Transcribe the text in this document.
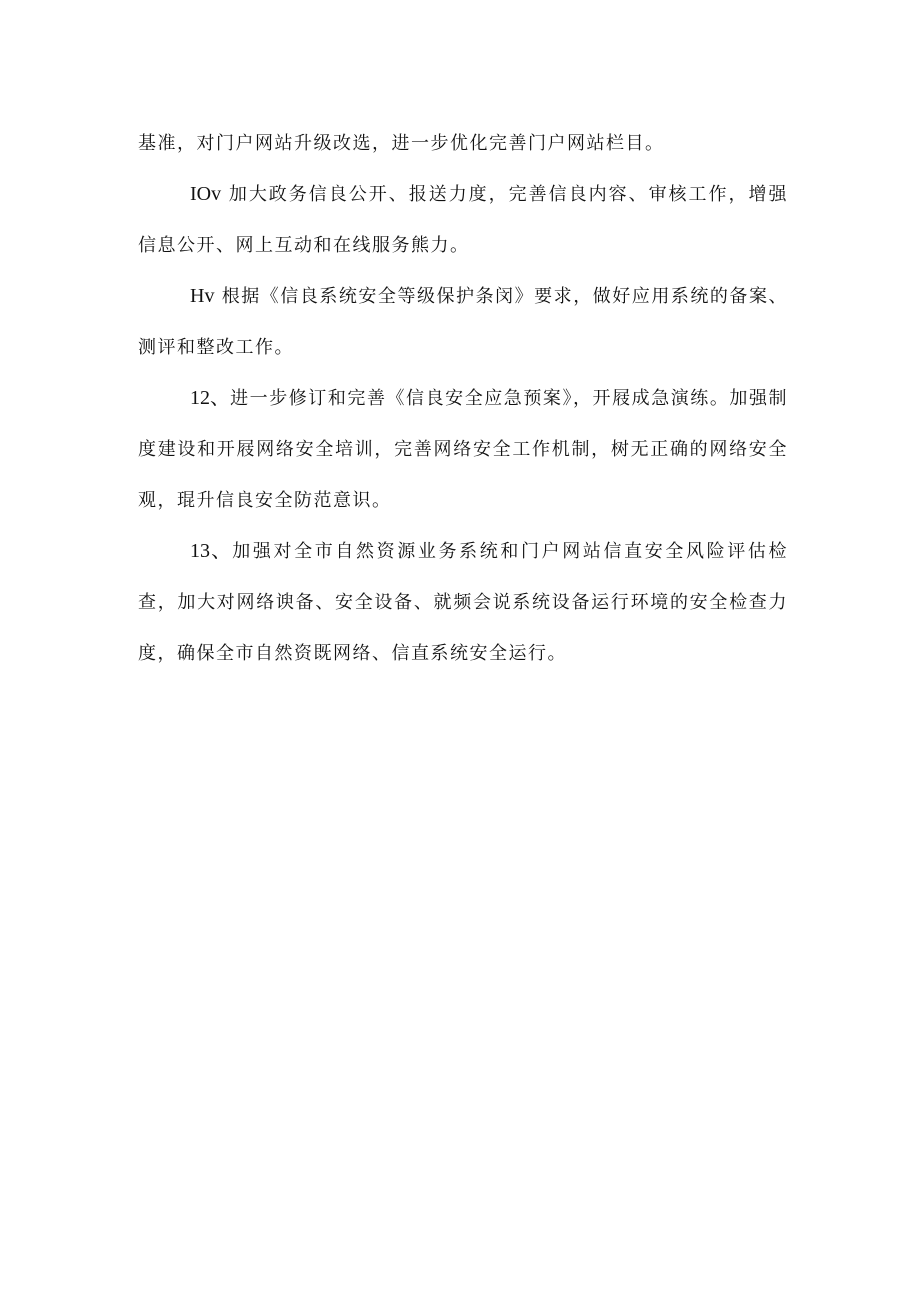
基准，对门户网站升级改选，进一步优化完善门户网站栏目。

IOv 加大政务信良公开、报送力度，完善信良内容、审核工作，增强信息公开、网上互动和在线服务熊力。

Hv 根据《信良系统安全等级保护条闵》要求，做好应用系统的备案、测评和整改工作。

12、进一步修订和完善《信良安全应急预案》，开屐成急演练。加强制度建设和开屐网络安全培训，完善网络安全工作机制，树无正确的网络安全观，琨升信良安全防范意识。

13、加强对全市自然资源业务系统和门户网站信直安全风险评估检查，加大对网络谀备、安全设备、就频会说系统设备运行环境的安全检查力度，确保全市自然资既网络、信直系统安全运行。
